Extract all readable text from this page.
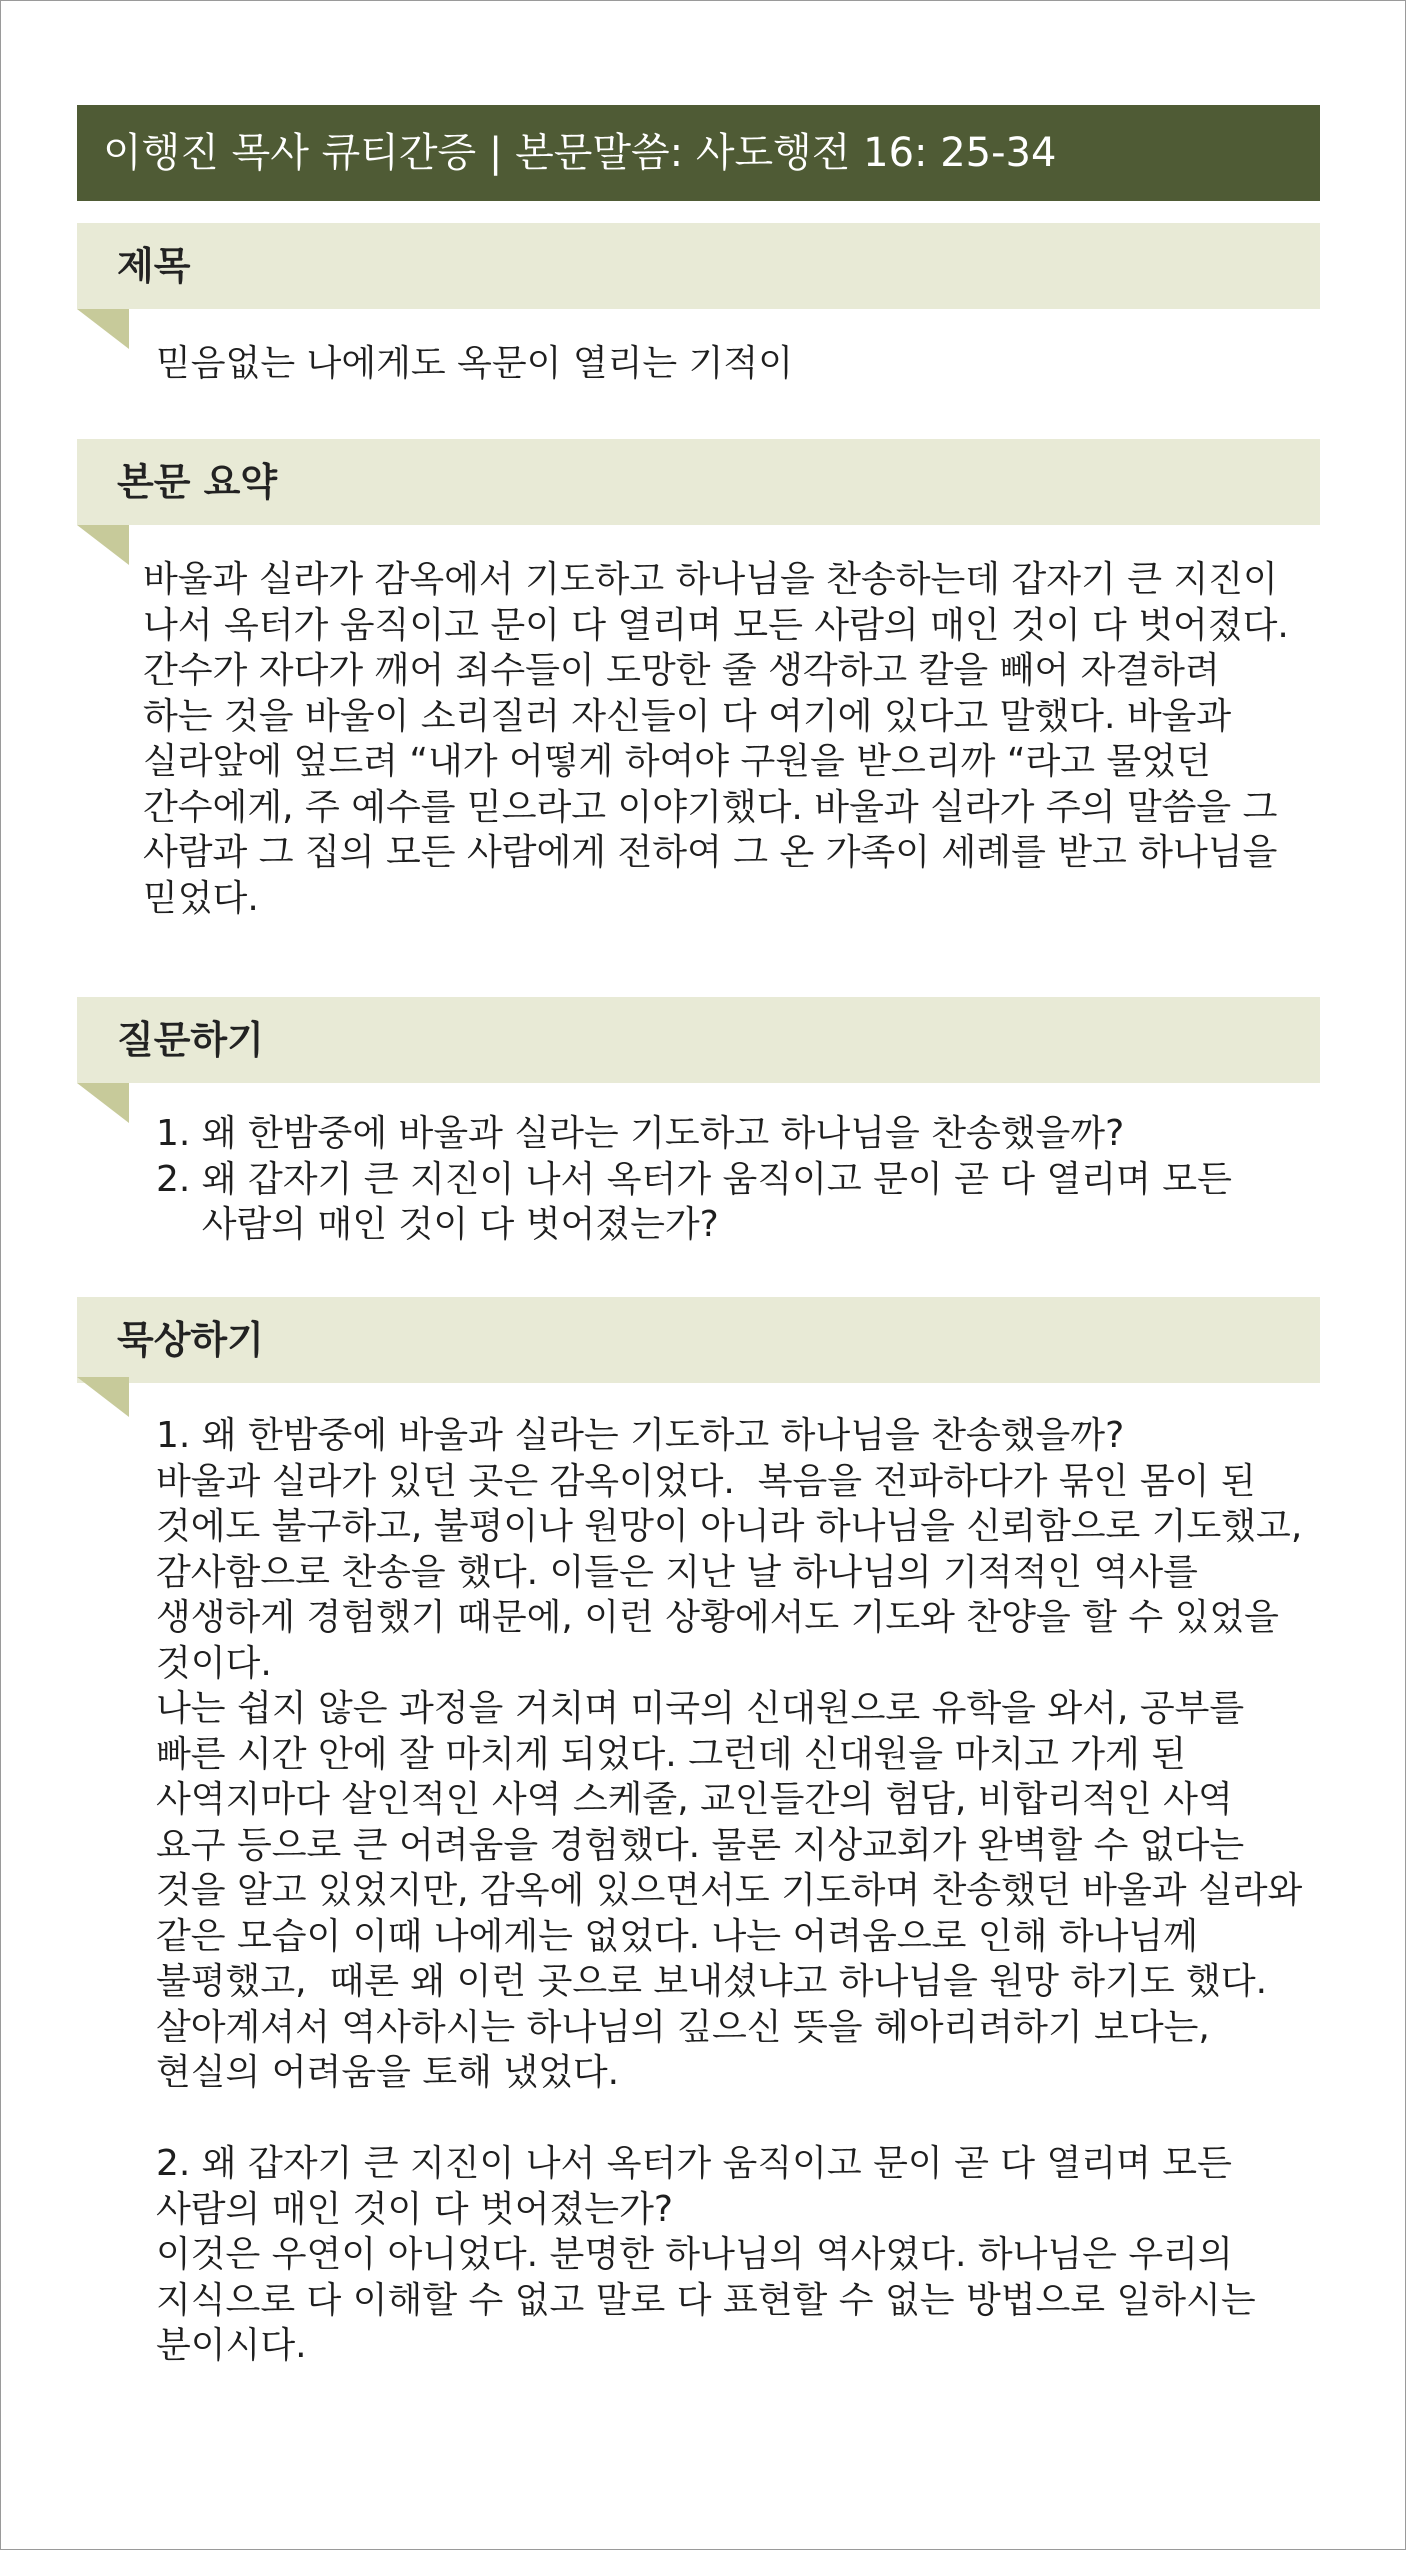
이행진 목사 큐티간증 | 본문말씀: 사도행전 16: 25-34
제목
믿음없는 나에게도 옥문이 열리는 기적이
본문 요약
바울과 실라가 감옥에서 기도하고 하나님을 찬송하는데 갑자기 큰 지진이
나서 옥터가 움직이고 문이 다 열리며 모든 사람의 매인 것이 다 벗어졌다.
간수가 자다가 깨어 죄수들이 도망한 줄 생각하고 칼을 빼어 자결하려
하는 것을 바울이 소리질러 자신들이 다 여기에 있다고 말했다. 바울과
실라앞에 엎드려 “내가 어떻게 하여야 구원을 받으리까 “라고 물었던
간수에게, 주 예수를 믿으라고 이야기했다. 바울과 실라가 주의 말씀을 그
사람과 그 집의 모든 사람에게 전하여 그 온 가족이 세례를 받고 하나님을
믿었다.
질문하기
1. 왜 한밤중에 바울과 실라는 기도하고 하나님을 찬송했을까?
2. 왜 갑자기 큰 지진이 나서 옥터가 움직이고 문이 곧 다 열리며 모든
사람의 매인 것이 다 벗어졌는가?
묵상하기
1. 왜 한밤중에 바울과 실라는 기도하고 하나님을 찬송했을까?
바울과 실라가 있던 곳은 감옥이었다.  복음을 전파하다가 묶인 몸이 된
것에도 불구하고, 불평이나 원망이 아니라 하나님을 신뢰함으로 기도했고,
감사함으로 찬송을 했다. 이들은 지난 날 하나님의 기적적인 역사를
생생하게 경험했기 때문에, 이런 상황에서도 기도와 찬양을 할 수 있었을
것이다.
나는 쉽지 않은 과정을 거치며 미국의 신대원으로 유학을 와서, 공부를
빠른 시간 안에 잘 마치게 되었다. 그런데 신대원을 마치고 가게 된
사역지마다 살인적인 사역 스케줄, 교인들간의 험담, 비합리적인 사역
요구 등으로 큰 어려움을 경험했다. 물론 지상교회가 완벽할 수 없다는
것을 알고 있었지만, 감옥에 있으면서도 기도하며 찬송했던 바울과 실라와
같은 모습이 이때 나에게는 없었다. 나는 어려움으로 인해 하나님께
불평했고,  때론 왜 이런 곳으로 보내셨냐고 하나님을 원망 하기도 했다.
살아계셔서 역사하시는 하나님의 깊으신 뜻을 헤아리려하기 보다는,
현실의 어려움을 토해 냈었다.
2. 왜 갑자기 큰 지진이 나서 옥터가 움직이고 문이 곧 다 열리며 모든
사람의 매인 것이 다 벗어졌는가?
이것은 우연이 아니었다. 분명한 하나님의 역사였다. 하나님은 우리의
지식으로 다 이해할 수 없고 말로 다 표현할 수 없는 방법으로 일하시는
분이시다.
